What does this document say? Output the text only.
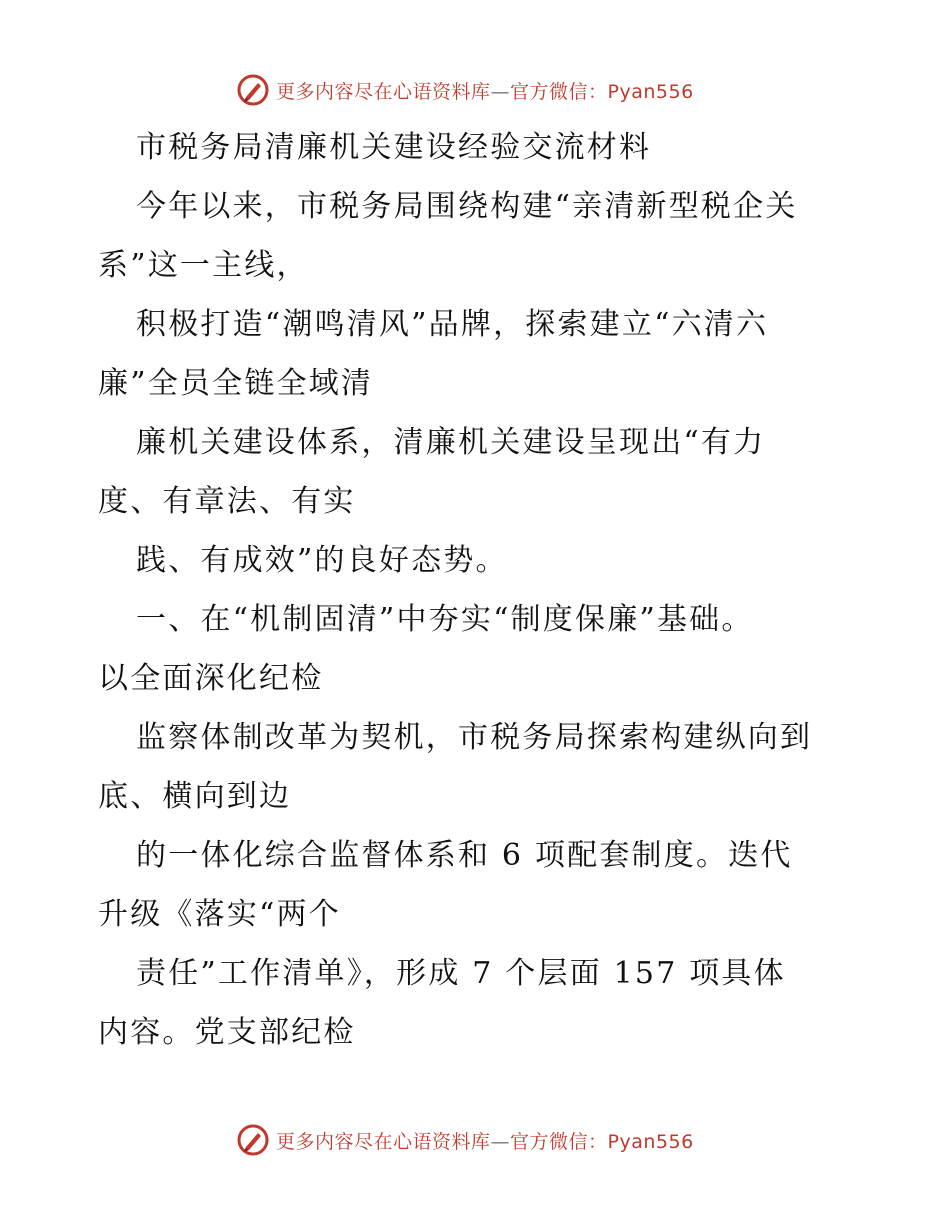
更多内容尽在心语资料库—官方微信：Pyan556
市税务局清廉机关建设经验交流材料
今年以来，市税务局围绕构建“亲清新型税企关
系”这一主线，
积极打造“潮鸣清风”品牌，探索建立“六清六
廉”全员全链全域清
廉机关建设体系，清廉机关建设呈现出“有力
度、有章法、有实
践、有成效”的良好态势。
一、在“机制固清”中夯实“制度保廉”基础。
以全面深化纪检
监察体制改革为契机，市税务局探索构建纵向到
底、横向到边
的一体化综合监督体系和 6 项配套制度。迭代
升级《落实“两个
责任”工作清单》，形成 7 个层面 157 项具体
内容。党支部纪检
更多内容尽在心语资料库—官方微信：Pyan556
